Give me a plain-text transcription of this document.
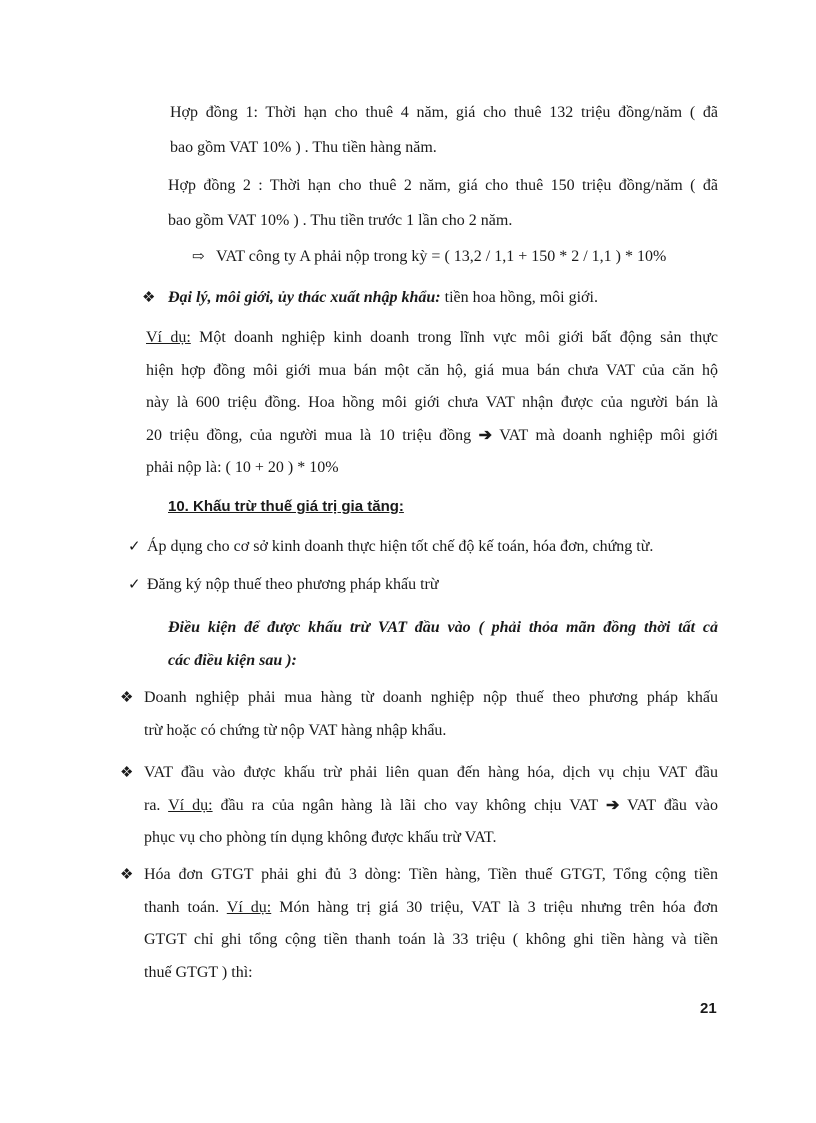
Hợp đồng 1: Thời hạn cho thuê 4 năm, giá cho thuê 132 triệu đồng/năm ( đã
bao gồm VAT 10% ) . Thu tiền hàng năm.
Hợp đồng 2 : Thời hạn cho thuê 2 năm, giá cho thuê 150 triệu đồng/năm ( đã
bao gồm VAT 10% ) . Thu tiền trước 1 lần cho 2 năm.
⇨ VAT công ty A phải nộp trong kỳ = ( 13,2 / 1,1 + 150 * 2 / 1,1 ) * 10%
❖ Đại lý, môi giới, ủy thác xuất nhập khẩu: tiền hoa hồng, môi giới.
Ví dụ: Một doanh nghiệp kinh doanh trong lĩnh vực môi giới bất động sản thực
hiện hợp đồng môi giới mua bán một căn hộ, giá mua bán chưa VAT của căn hộ
này là 600 triệu đồng. Hoa hồng môi giới chưa VAT nhận được của người bán là
20 triệu đồng, của người mua là 10 triệu đồng ➔ VAT mà doanh nghiệp môi giới
phải nộp là: ( 10 + 20 ) * 10%
10. Khấu trừ thuế giá trị gia tăng:
✓ Áp dụng cho cơ sở kinh doanh thực hiện tốt chế độ kế toán, hóa đơn, chứng từ.
✓ Đăng ký nộp thuế theo phương pháp khấu trừ
Điều kiện để được khấu trừ VAT đầu vào ( phải thỏa mãn đồng thời tất cả
các điều kiện sau ):
❖ Doanh nghiệp phải mua hàng từ doanh nghiệp nộp thuế theo phương pháp khấu
trừ hoặc có chứng từ nộp VAT hàng nhập khẩu.
❖ VAT đầu vào được khấu trừ phải liên quan đến hàng hóa, dịch vụ chịu VAT đầu
ra. Ví dụ: đầu ra của ngân hàng là lãi cho vay không chịu VAT ➔ VAT đầu vào
phục vụ cho phòng tín dụng không được khấu trừ VAT.
❖ Hóa đơn GTGT phải ghi đủ 3 dòng: Tiền hàng, Tiền thuế GTGT, Tổng cộng tiền
thanh toán. Ví dụ: Món hàng trị giá 30 triệu, VAT là 3 triệu nhưng trên hóa đơn
GTGT chỉ ghi tổng cộng tiền thanh toán là 33 triệu ( không ghi tiền hàng và tiền
thuế GTGT ) thì:
21
